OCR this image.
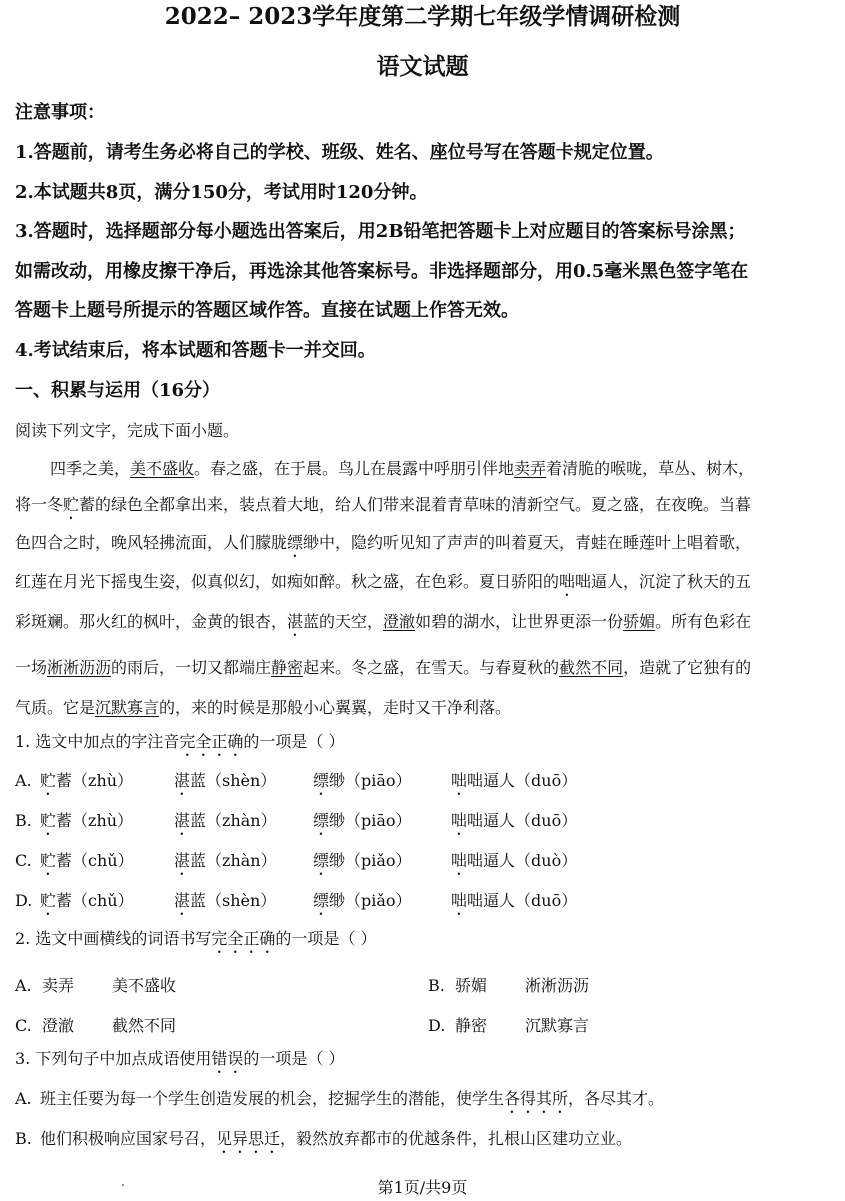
2022– 2023学年度第二学期七年级学情调研检测
语文试题
注意事项：
1.答题前，请考生务必将自己的学校、班级、姓名、座位号写在答题卡规定位置。
2.本试题共8页，满分150分，考试用时120分钟。
3.答题时，选择题部分每小题选出答案后，用2B铅笔把答题卡上对应题目的答案标号涂黑；
如需改动，用橡皮擦干净后，再选涂其他答案标号。非选择题部分，用0.5毫米黑色签字笔在
答题卡上题号所提示的答题区域作答。直接在试题上作答无效。
4.考试结束后，将本试题和答题卡一并交回。
一、积累与运用（16分）
阅读下列文字，完成下面小题。
四季之美，美不盛收。春之盛，在于晨。鸟儿在晨露中呼朋引伴地卖弄着清脆的喉咙，草丛、树木，
将一冬贮蓄的绿色全都拿出来，装点着大地，给人们带来混着青草味的清新空气。夏之盛，在夜晚。当暮
色四合之时，晚风轻拂流面，人们朦胧缥缈中，隐约听见知了声声的叫着夏天，青蛙在睡莲叶上唱着歌，
红莲在月光下摇曳生姿，似真似幻，如痴如醉。秋之盛，在色彩。夏日骄阳的咄咄逼人，沉淀了秋天的五
彩斑斓。那火红的枫叶，金黄的银杏，湛蓝的天空，澄澈如碧的湖水，让世界更添一份骄媚。所有色彩在
一场淅淅沥沥的雨后，一切又都端庄静密起来。冬之盛，在雪天。与春夏秋的截然不同，造就了它独有的
气质。它是沉默寡言的，来的时候是那般小心翼翼，走时又干净利落。
1. 选文中加点的字注音完全正确的一项是（ ）
A. 贮蓄（zhù）	湛蓝（shèn） 缥缈（piāo） 咄咄逼人（duō）
B. 贮蓄（zhù）	湛蓝（zhàn） 缥缈（piāo） 咄咄逼人（duō）
C. 贮蓄（chǔ）	湛蓝（zhàn） 缥缈（piǎo） 咄咄逼人（duò）
D. 贮蓄（chǔ）	湛蓝（shèn） 缥缈（piǎo） 咄咄逼人（duō）
2. 选文中画横线的词语书写完全正确的一项是（ ）
A. 卖弄 美不盛收	B. 骄媚 淅淅沥沥
C. 澄澈 截然不同	D. 静密 沉默寡言
3. 下列句子中加点成语使用错误的一项是（ ）
A. 班主任要为每一个学生创造发展的机会，挖掘学生的潜能，使学生各得其所，各尽其才。
B. 他们积极响应国家号召，见异思迁，毅然放弃都市的优越条件，扎根山区建功立业。
第1页/共9页
